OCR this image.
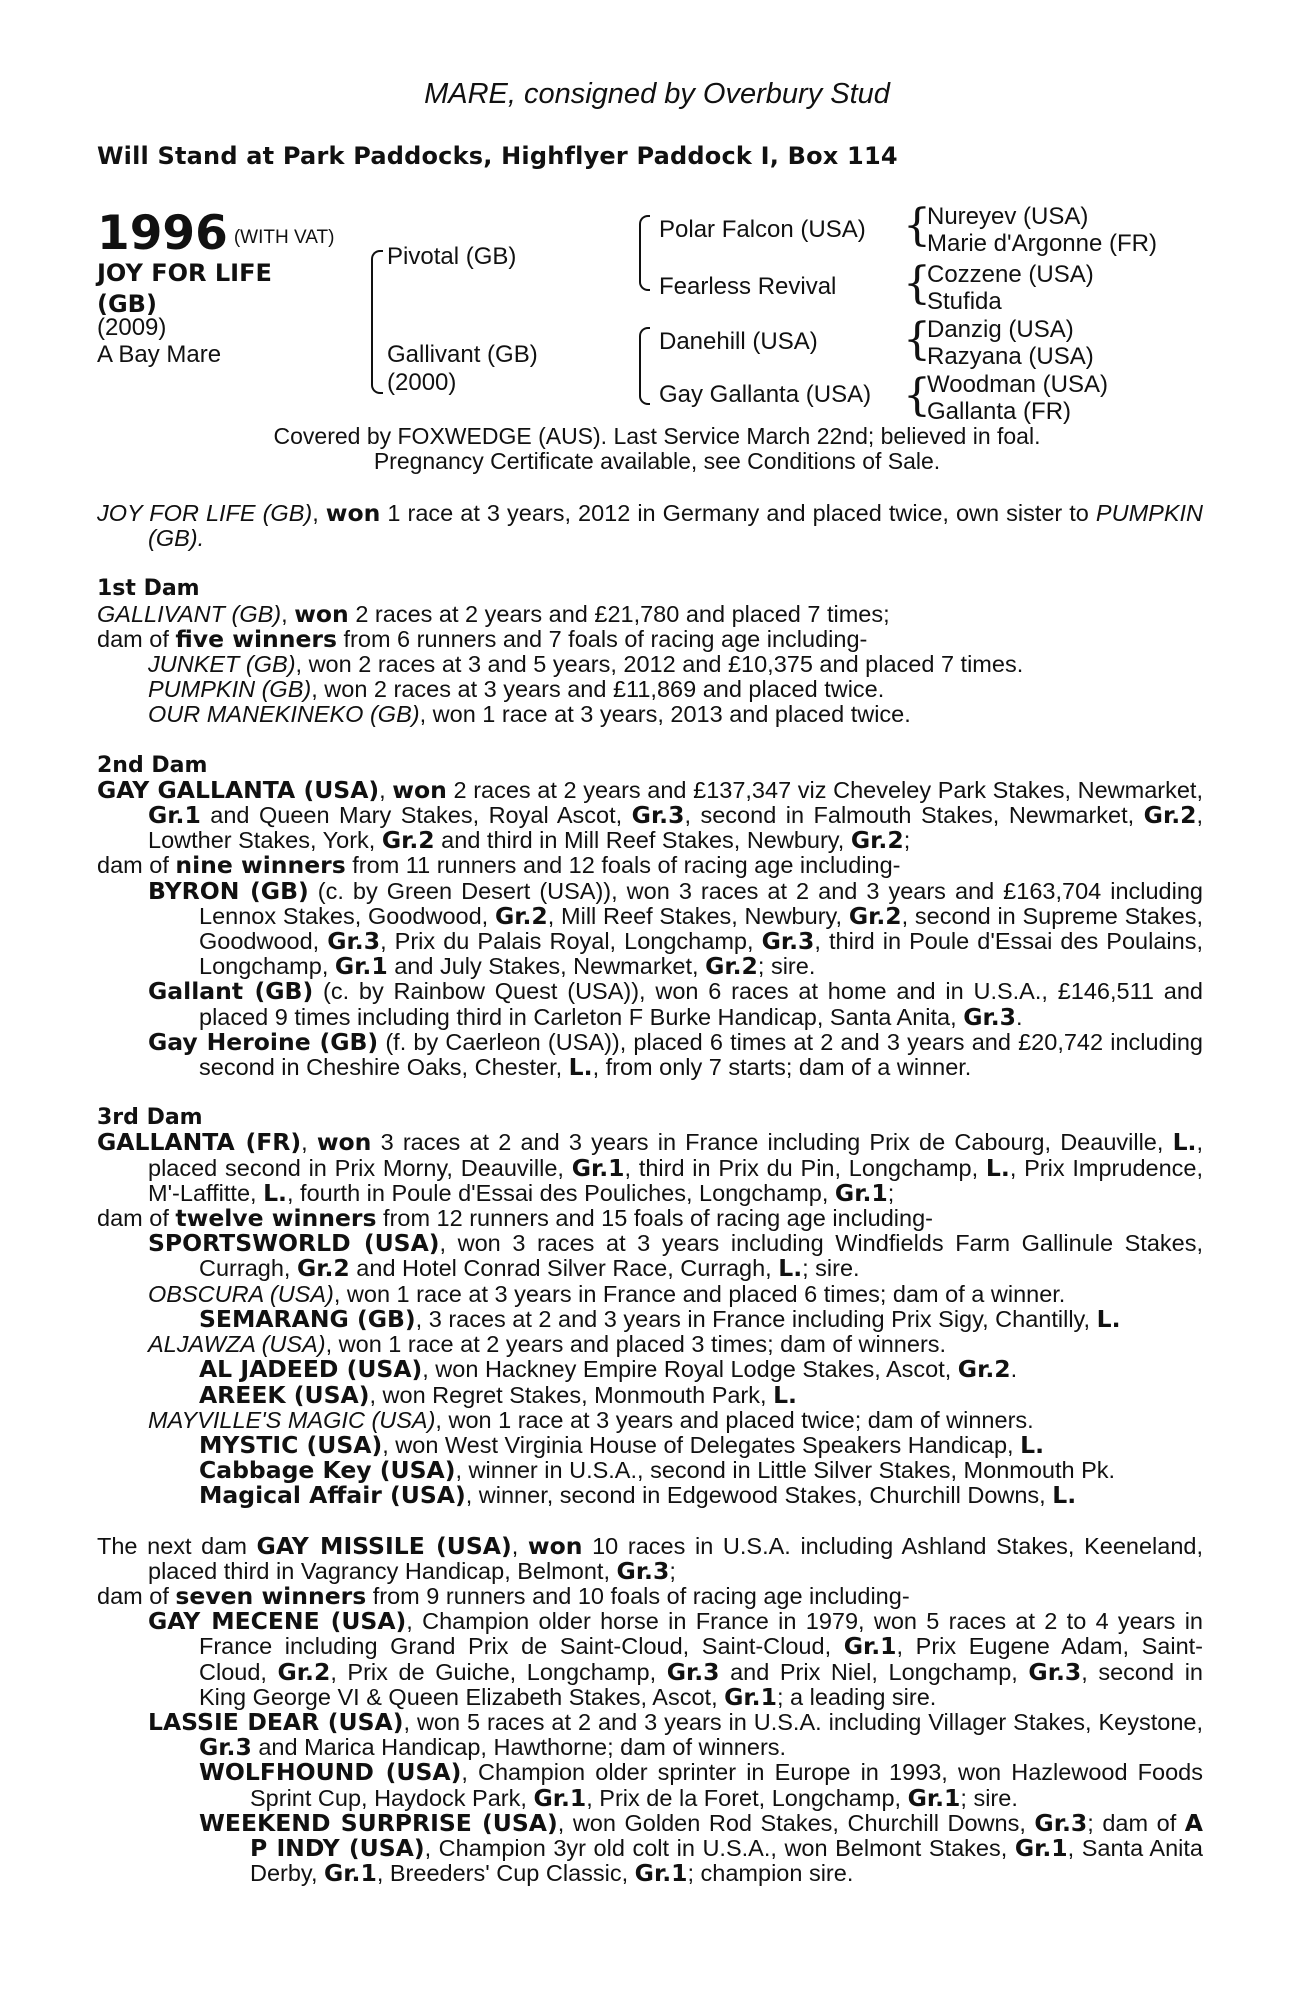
MARE, consigned by Overbury Stud
Will Stand at Park Paddocks, Highflyer Paddock I, Box 114
1996 (WITH VAT)
JOY FOR LIFE
(GB)
(2009)
A Bay Mare
Pivotal (GB)
Gallivant (GB)
(2000)
Polar Falcon (USA)
Fearless Revival
Danehill (USA)
Gay Gallanta (USA)
{
{
{
{
Nureyev (USA)
Marie d'Argonne (FR)
Cozzene (USA)
Stufida
Danzig (USA)
Razyana (USA)
Woodman (USA)
Gallanta (FR)
Covered by FOXWEDGE (AUS). Last Service March 22nd; believed in foal.
Pregnancy Certificate available, see Conditions of Sale.

JOY FOR LIFE (GB), won 1 race at 3 years, 2012 in Germany and placed twice, own sister to PUMPKIN (GB).

1st Dam

GALLIVANT (GB), won 2 races at 2 years and £21,780 and placed 7 times;

dam of five winners from 6 runners and 7 foals of racing age including-

JUNKET (GB), won 2 races at 3 and 5 years, 2012 and £10,375 and placed 7 times.

PUMPKIN (GB), won 2 races at 3 years and £11,869 and placed twice.

OUR MANEKINEKO (GB), won 1 race at 3 years, 2013 and placed twice.

2nd Dam

GAY GALLANTA (USA), won 2 races at 2 years and £137,347 viz Cheveley Park Stakes, Newmarket, Gr.1 and Queen Mary Stakes, Royal Ascot, Gr.3, second in Falmouth Stakes, Newmarket, Gr.2, Lowther Stakes, York, Gr.2 and third in Mill Reef Stakes, Newbury, Gr.2;

dam of nine winners from 11 runners and 12 foals of racing age including-

BYRON (GB) (c. by Green Desert (USA)), won 3 races at 2 and 3 years and £163,704 including Lennox Stakes, Goodwood, Gr.2, Mill Reef Stakes, Newbury, Gr.2, second in Supreme Stakes, Goodwood, Gr.3, Prix du Palais Royal, Longchamp, Gr.3, third in Poule d'Essai des Poulains, Longchamp, Gr.1 and July Stakes, Newmarket, Gr.2; sire.

Gallant (GB) (c. by Rainbow Quest (USA)), won 6 races at home and in U.S.A., £146,511 and placed 9 times including third in Carleton F Burke Handicap, Santa Anita, Gr.3.

Gay Heroine (GB) (f. by Caerleon (USA)), placed 6 times at 2 and 3 years and £20,742 including second in Cheshire Oaks, Chester, L., from only 7 starts; dam of a winner.

3rd Dam

GALLANTA (FR), won 3 races at 2 and 3 years in France including Prix de Cabourg, Deauville, L., placed second in Prix Morny, Deauville, Gr.1, third in Prix du Pin, Longchamp, L., Prix Imprudence, M'-Laffitte, L., fourth in Poule d'Essai des Pouliches, Longchamp, Gr.1;

dam of twelve winners from 12 runners and 15 foals of racing age including-

SPORTSWORLD (USA), won 3 races at 3 years including Windfields Farm Gallinule Stakes, Curragh, Gr.2 and Hotel Conrad Silver Race, Curragh, L.; sire.

OBSCURA (USA), won 1 race at 3 years in France and placed 6 times; dam of a winner.

SEMARANG (GB), 3 races at 2 and 3 years in France including Prix Sigy, Chantilly, L.

ALJAWZA (USA), won 1 race at 2 years and placed 3 times; dam of winners.

AL JADEED (USA), won Hackney Empire Royal Lodge Stakes, Ascot, Gr.2.

AREEK (USA), won Regret Stakes, Monmouth Park, L.

MAYVILLE'S MAGIC (USA), won 1 race at 3 years and placed twice; dam of winners.

MYSTIC (USA), won West Virginia House of Delegates Speakers Handicap, L.

Cabbage Key (USA), winner in U.S.A., second in Little Silver Stakes, Monmouth Pk.

Magical Affair (USA), winner, second in Edgewood Stakes, Churchill Downs, L.

The next dam GAY MISSILE (USA), won 10 races in U.S.A. including Ashland Stakes, Keeneland, placed third in Vagrancy Handicap, Belmont, Gr.3;

dam of seven winners from 9 runners and 10 foals of racing age including-

GAY MECENE (USA), Champion older horse in France in 1979, won 5 races at 2 to 4 years in France including Grand Prix de Saint-Cloud, Saint-Cloud, Gr.1, Prix Eugene Adam, Saint-Cloud, Gr.2, Prix de Guiche, Longchamp, Gr.3 and Prix Niel, Longchamp, Gr.3, second in King George VI & Queen Elizabeth Stakes, Ascot, Gr.1; a leading sire.

LASSIE DEAR (USA), won 5 races at 2 and 3 years in U.S.A. including Villager Stakes, Keystone, Gr.3 and Marica Handicap, Hawthorne; dam of winners.

WOLFHOUND (USA), Champion older sprinter in Europe in 1993, won Hazlewood Foods Sprint Cup, Haydock Park, Gr.1, Prix de la Foret, Longchamp, Gr.1; sire.

WEEKEND SURPRISE (USA), won Golden Rod Stakes, Churchill Downs, Gr.3; dam of A P INDY (USA), Champion 3yr old colt in U.S.A., won Belmont Stakes, Gr.1, Santa Anita Derby, Gr.1, Breeders' Cup Classic, Gr.1; champion sire.
